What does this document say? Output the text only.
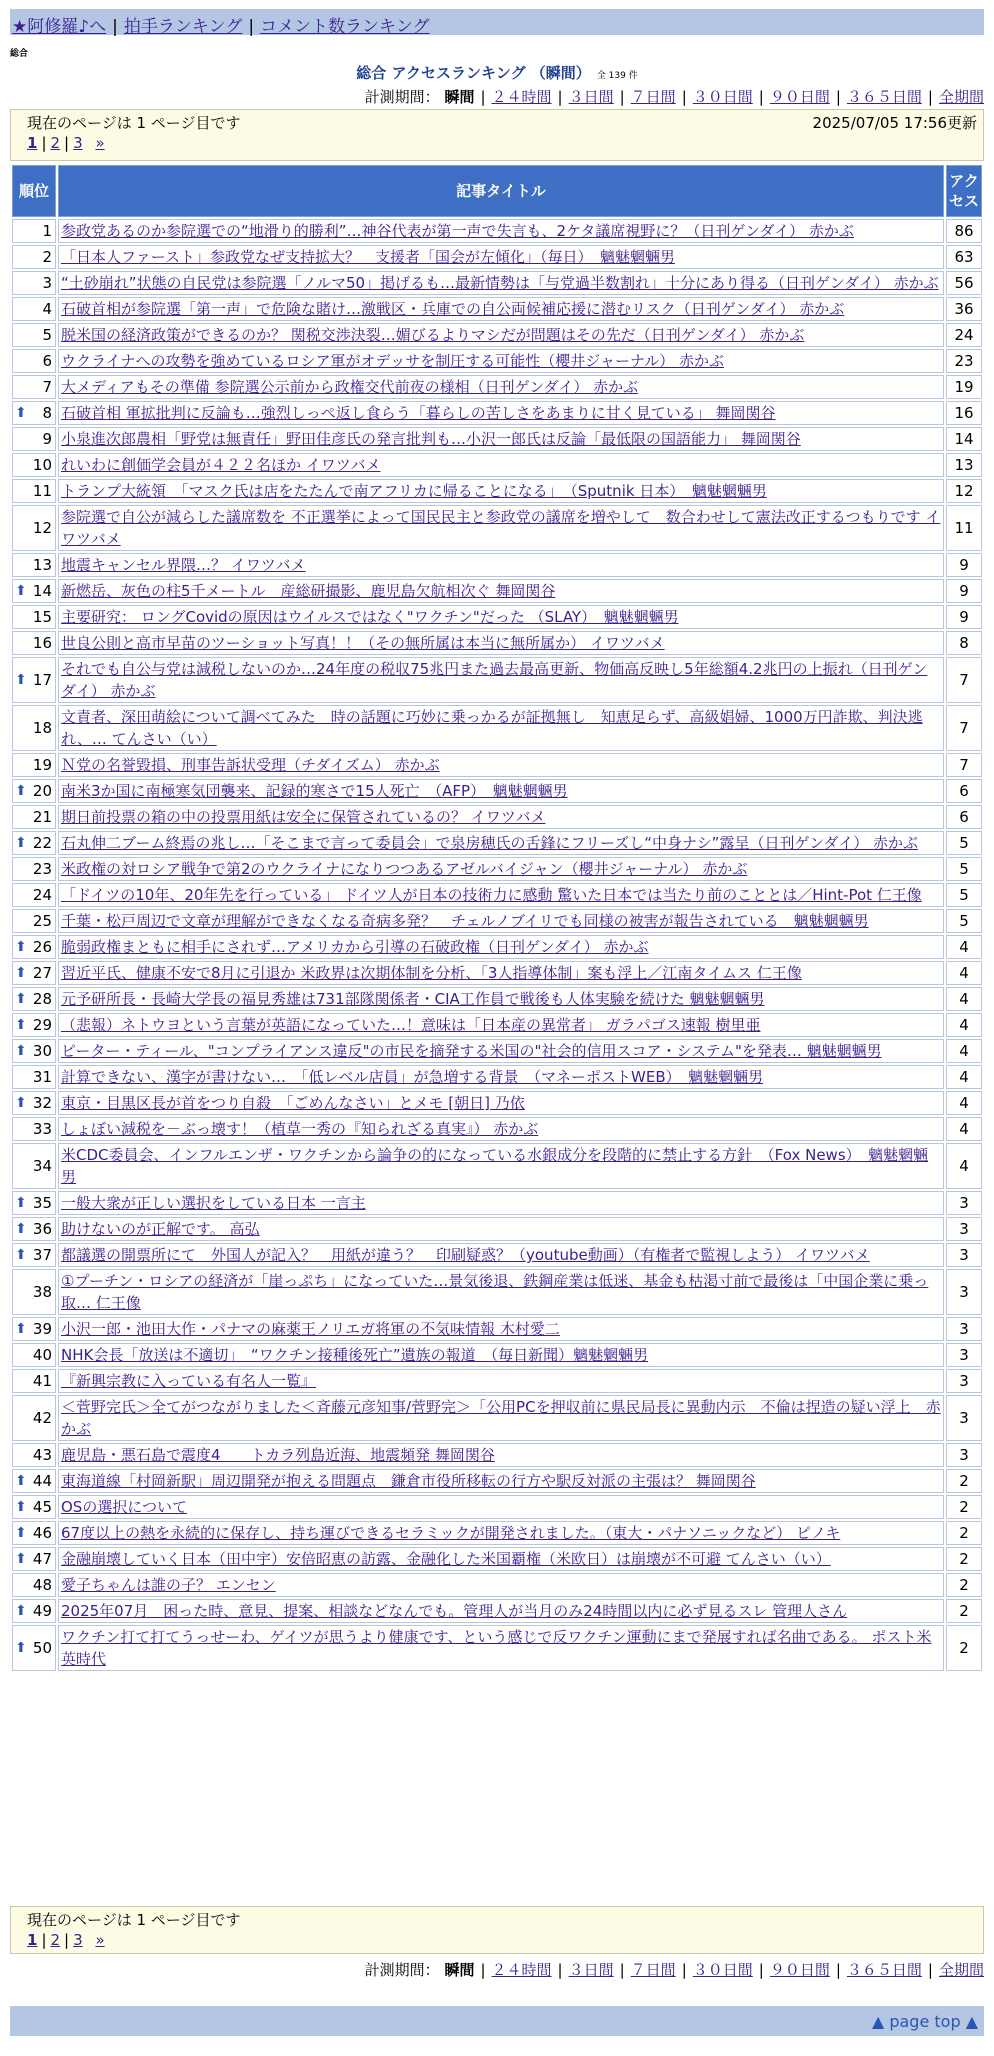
★阿修羅♪へ | 拍手ランキング | コメント数ランキング
総合
総合 アクセスランキング （瞬間） 全 139 件
計測期間： 瞬間 | ２４時間 | ３日間 | ７日間 | ３０日間 | ９０日間 | ３６５日間 | 全期間
現在のページは 1 ページ目です	2025/07/05 17:56更新
1 | 2 | 3 »
順位	記事タイトル	アクセス
1	参政党あるのか参院選での“地滑り的勝利”…神谷代表が第一声で失言も、2ケタ議席視野に？（日刊ゲンダイ） 赤かぶ	86
2	「日本人ファースト」参政党なぜ支持拡大？　支援者「国会が左傾化」（毎日）　魑魅魍魎男	63
3	“土砂崩れ”状態の自民党は参院選「ノルマ50」掲げるも…最新情勢は「与党過半数割れ」十分にあり得る（日刊ゲンダイ） 赤かぶ	56
4	石破首相が参院選「第一声」で危険な賭け…激戦区・兵庫での自公両候補応援に潜むリスク（日刊ゲンダイ） 赤かぶ	36
5	脱米国の経済政策ができるのか？ 関税交渉決裂…媚びるよりマシだが問題はその先だ（日刊ゲンダイ） 赤かぶ	24
6	ウクライナへの攻勢を強めているロシア軍がオデッサを制圧する可能性（櫻井ジャーナル） 赤かぶ	23
7	大メディアもその準備 参院選公示前から政権交代前夜の様相（日刊ゲンダイ） 赤かぶ	19

⬆ 8	石破首相 軍拡批判に反論も…強烈しっぺ返し食らう「暮らしの苦しさをあまりに甘く見ている」 舞岡関谷	16
9	小泉進次郎農相「野党は無責任」野田佳彦氏の発言批判も…小沢一郎氏は反論「最低限の国語能力」 舞岡関谷	14
10	れいわに創価学会員が４２２名ほか イワツバメ	13
11	トランプ大統領　「マスク氏は店をたたんで南アフリカに帰ることになる」　（Sputnik 日本）　魑魅魍魎男	12
12	参院選で自公が減らした議席数を 不正選挙によって国民民主と参政党の議席を増やして　数合わせして憲法改正するつもりです イワツバメ	11
13	地震キャンセル界隈…？ イワツバメ	9

⬆ 14	新燃岳、灰色の柱5千メートル　産総研撮影、鹿児島欠航相次ぐ 舞岡関谷	9
15	主要研究： ロングCovidの原因はウイルスではなく"ワクチン"だった （SLAY）　魑魅魍魎男	9
16	世良公則と高市早苗のツーショット写真！！（その無所属は本当に無所属か） イワツバメ	8

⬆ 17	それでも自公与党は減税しないのか…24年度の税収75兆円また過去最高更新、物価高反映し5年総額4.2兆円の上振れ（日刊ゲンダイ） 赤かぶ	7
18	文責者、深田萌絵について調べてみた　時の話題に巧妙に乗っかるが証拠無し　知恵足らず、高級娼婦、1000万円詐欺、判決逃れ、… てんさい（い）	7
19	Ｎ党の名誉毀損、刑事告訴状受理（チダイズム） 赤かぶ	7

⬆ 20	南米3か国に南極寒気団襲来、記録的寒さで15人死亡　（AFP）　魑魅魍魎男	6
21	期日前投票の箱の中の投票用紙は安全に保管されているの？ イワツバメ	6

⬆ 22	石丸伸二ブーム終焉の兆し…「そこまで言って委員会」で泉房穂氏の舌鋒にフリーズし“中身ナシ”露呈（日刊ゲンダイ） 赤かぶ	5
23	米政権の対ロシア戦争で第2のウクライナになりつつあるアゼルバイジャン（櫻井ジャーナル） 赤かぶ	5
24	「ドイツの10年、20年先を行っている」 ドイツ人が日本の技術力に感動 驚いた日本では当たり前のこととは／Hint-Pot 仁王像	5
25	千葉・松戸周辺で文章が理解ができなくなる奇病多発？　チェルノブイリでも同様の被害が報告されている　魑魅魍魎男	5

⬆ 26	脆弱政権まともに相手にされず…アメリカから引導の石破政権（日刊ゲンダイ） 赤かぶ	4

⬆ 27	習近平氏、健康不安で8月に引退か 米政界は次期体制を分析、「3人指導体制」案も浮上／江南タイムス 仁王像	4

⬆ 28	元予研所長・長崎大学長の福見秀雄は731部隊関係者・CIA工作員で戦後も人体実験を続けた 魑魅魍魎男	4

⬆ 29	（悲報）ネトウヨという言葉が英語になっていた…！意味は「日本産の異常者」 ガラパゴス速報 樹里亜	4

⬆ 30	ピーター・ティール、"コンプライアンス違反"の市民を摘発する米国の"社会的信用スコア・システム"を発表… 魑魅魍魎男	4
31	計算できない、漢字が書けない…　「低レベル店員」が急増する背景　（マネーポストWEB）　魑魅魍魎男	4

⬆ 32	東京・目黒区長が首をつり自殺　「ごめんなさい」とメモ [朝日] 乃依	4
33	しょぼい減税を－ぶっ壊す！（植草一秀の『知られざる真実』） 赤かぶ	4
34	米CDC委員会、インフルエンザ・ワクチンから論争の的になっている水銀成分を段階的に禁止する方針　（Fox News）　魑魅魍魎男	4

⬆ 35	一般大衆が正しい選択をしている日本 一言主	3

⬆ 36	助けないのが正解です。 高弘	3

⬆ 37	都議選の開票所にて　外国人が記入？　用紙が違う？　印刷疑惑？（youtube動画）（有権者で監視しよう） イワツバメ	3
38	①プーチン・ロシアの経済が「崖っぷち」になっていた…景気後退、鉄鋼産業は低迷、基金も枯渇寸前で最後は「中国企業に乗っ取… 仁王像	3

⬆ 39	小沢一郎・池田大作・パナマの麻薬王ノリエガ将軍の不気味情報 木村愛二	3
40	NHK会長「放送は不適切」　“ワクチン接種後死亡”遺族の報道　（毎日新聞）魑魅魍魎男	3
41	『新興宗教に入っている有名人一覧』	3
42	＜菅野完氏＞全てがつながりました＜斉藤元彦知事/菅野完＞「公用PCを押収前に県民局長に異動内示　不倫は捏造の疑い浮上　赤かぶ	3
43	鹿児島・悪石島で震度4　　トカラ列島近海、地震頻発 舞岡関谷	3

⬆ 44	東海道線「村岡新駅」周辺開発が抱える問題点　鎌倉市役所移転の行方や駅反対派の主張は？ 舞岡関谷	2

⬆ 45	OSの選択について	2

⬆ 46	67度以上の熱を永続的に保存し、持ち運びできるセラミックが開発されました。（東大・パナソニックなど） ピノキ	2

⬆ 47	金融崩壊していく日本（田中宇）安倍昭恵の訪露、金融化した米国覇権（米欧日）は崩壊が不可避 てんさい（い）	2
48	愛子ちゃんは誰の子？ エンセン	2

⬆ 49	2025年07月　困った時、意見、提案、相談などなんでも。管理人が当月のみ24時間以内に必ず見るスレ 管理人さん	2

⬆ 50	ワクチン打て打てうっせーわ、ゲイツが思うより健康です、という感じで反ワクチン運動にまで発展すれば名曲である。 ポスト米英時代	2
現在のページは 1 ページ目です
1 | 2 | 3 »
計測期間： 瞬間 | ２４時間 | ３日間 | ７日間 | ３０日間 | ９０日間 | ３６５日間 | 全期間
▲ page top ▲
